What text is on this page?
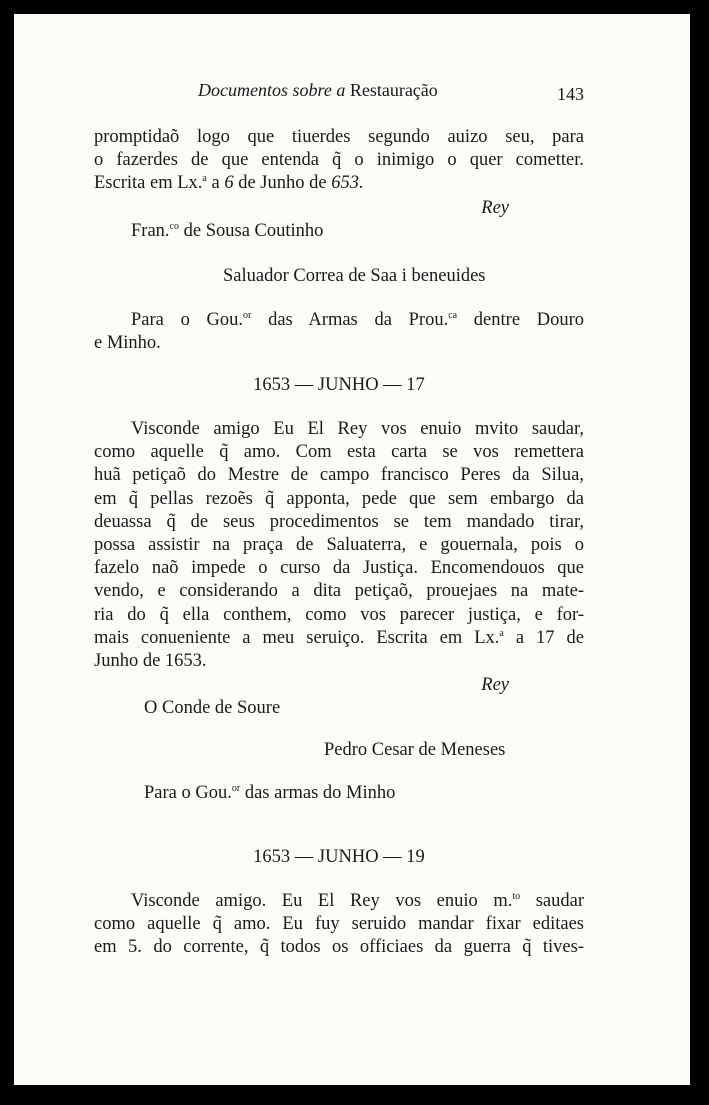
Documentos sobre a Restauração	143
promptidaõ logo que tiuerdes segundo auizo seu, para
o fazerdes de que entenda q̃ o inimigo o quer cometter.
Escrita em Lx.$^a$ a 6 de Junho de 653.

Rey

Fran.$^{co}$ de Sousa Coutinho

Saluador Correa de Saa i beneuides

Para o Gou.$^{or}$ das Armas da Prou.$^{ca}$ dentre Douro
e Minho.

1653 — JUNHO — 17

Visconde amigo Eu El Rey vos enuio mvito saudar,
como aquelle q̃ amo. Com esta carta se vos remettera
huã petiçaõ do Mestre de campo francisco Peres da Silua,
em q̃ pellas rezoẽs q̃ apponta, pede que sem embargo da
deuassa q̃ de seus procedimentos se tem mandado tirar,
possa assistir na praça de Saluaterra, e gouernala, pois o
fazelo naõ impede o curso da Justiça. Encomendouos que
vendo, e considerando a dita petiçaõ, prouejaes na mate-
ria do q̃ ella conthem, como vos parecer justiça, e for-
mais conueniente a meu seruiço. Escrita em Lx.$^a$ a 17 de
Junho de 1653.

Rey

O Conde de Soure

Pedro Cesar de Meneses

Para o Gou.$^{or}$ das armas do Minho

1653 — JUNHO — 19

Visconde amigo. Eu El Rey vos enuio m.$^{to}$ saudar
como aquelle q̃ amo. Eu fuy seruido mandar fixar editaes
em 5. do corrente, q̃ todos os officiaes da guerra q̃ tives-
